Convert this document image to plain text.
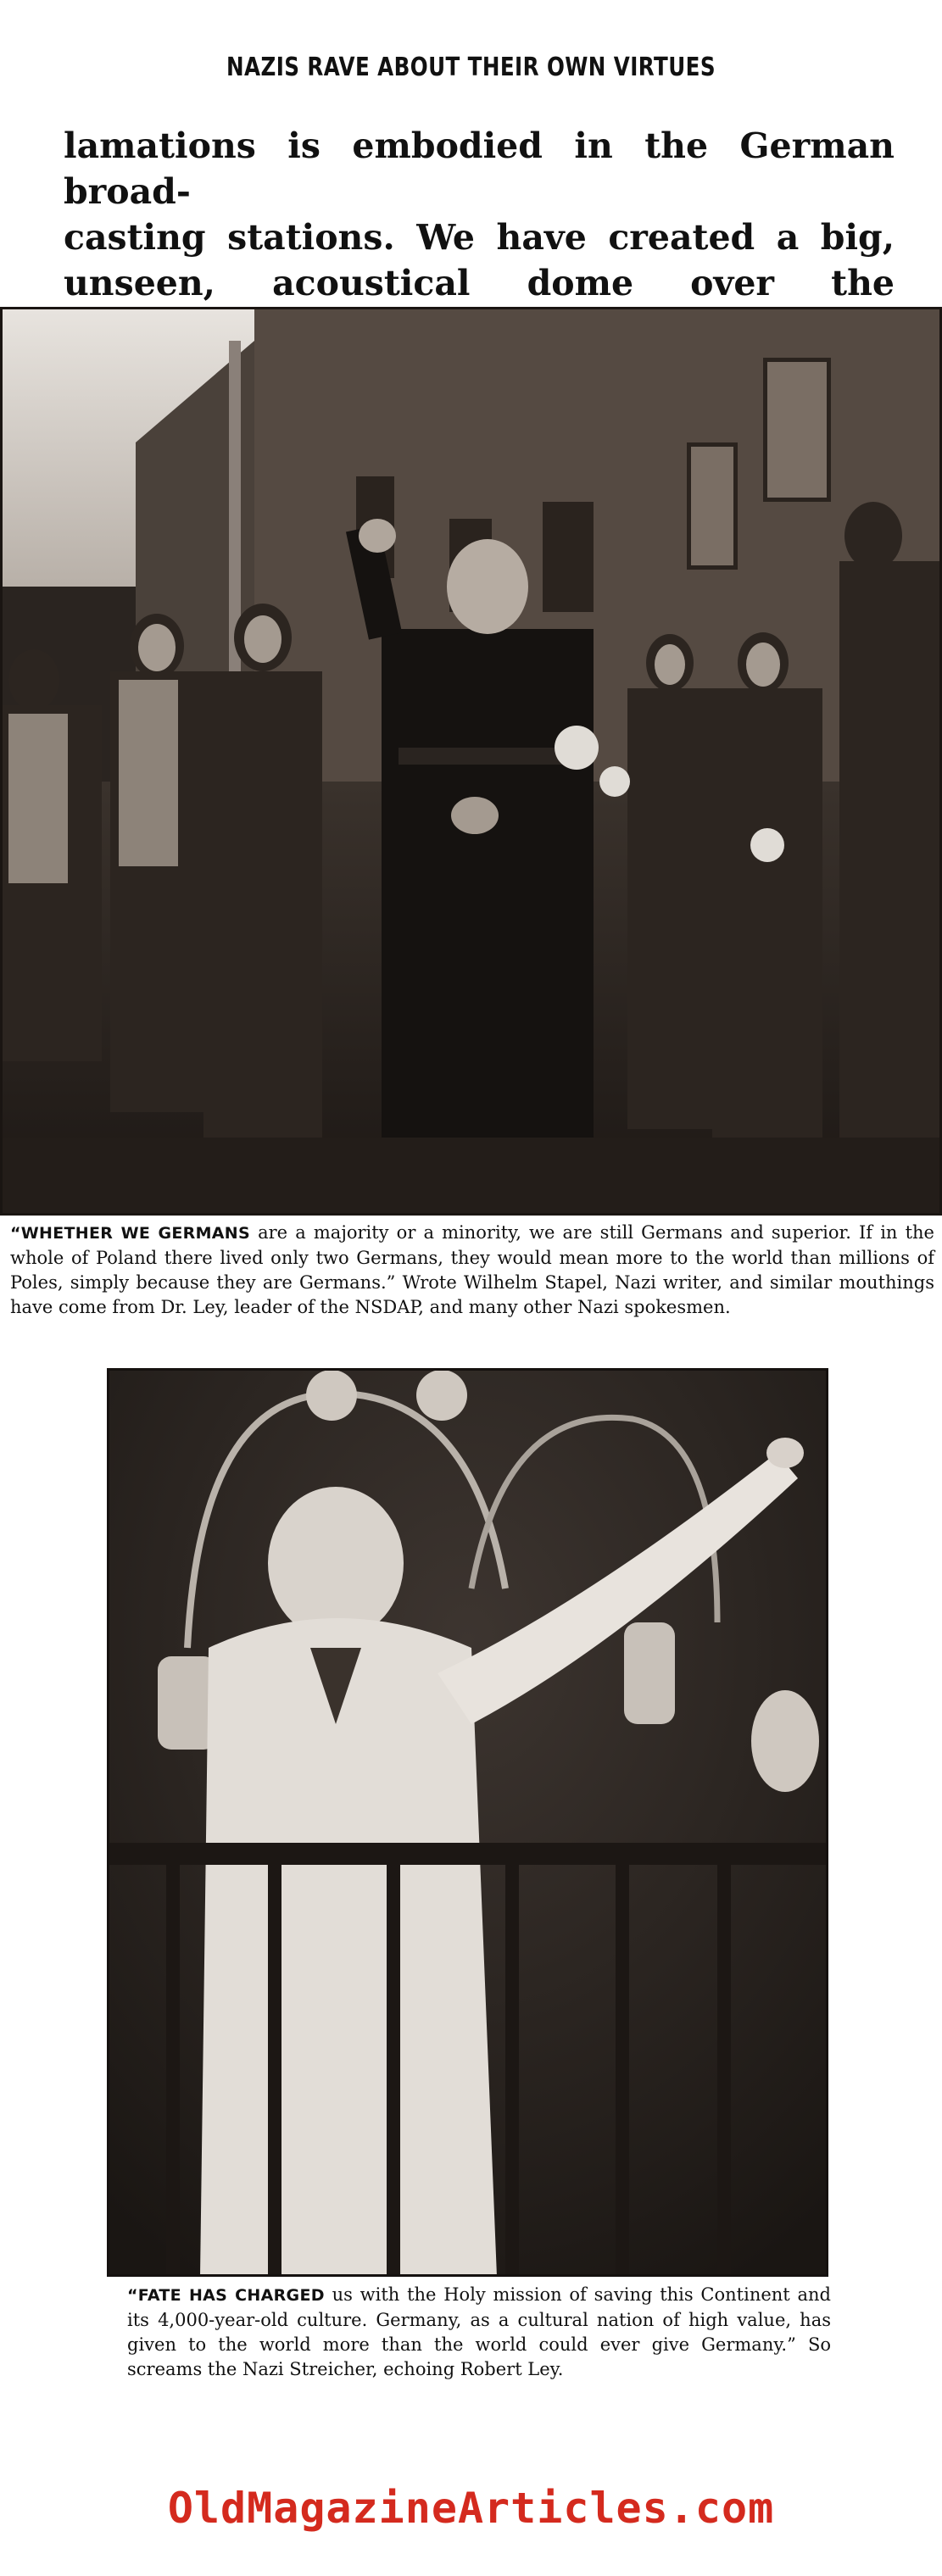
NAZIS RAVE ABOUT THEIR OWN VIRTUES
lamations is embodied in the German broad-
casting stations. We have created a big,
unseen, acoustical dome over the
“WHETHER WE GERMANS are a majority or a minority, we are still Germans and superior. If in the whole of Poland there lived only two Germans, they would mean more to the world than millions of Poles, simply because they are Germans.” Wrote Wilhelm Stapel, Nazi writer, and similar mouthings have come from Dr. Ley, leader of the NSDAP, and many other Nazi spokesmen.
“FATE HAS CHARGED us with the Holy mission of saving this Continent and its 4,000-year-old culture. Germany, as a cultural nation of high value, has given to the world more than the world could ever give Germany.” So screams the Nazi Streicher, echoing Robert Ley.
OldMagazineArticles.com
